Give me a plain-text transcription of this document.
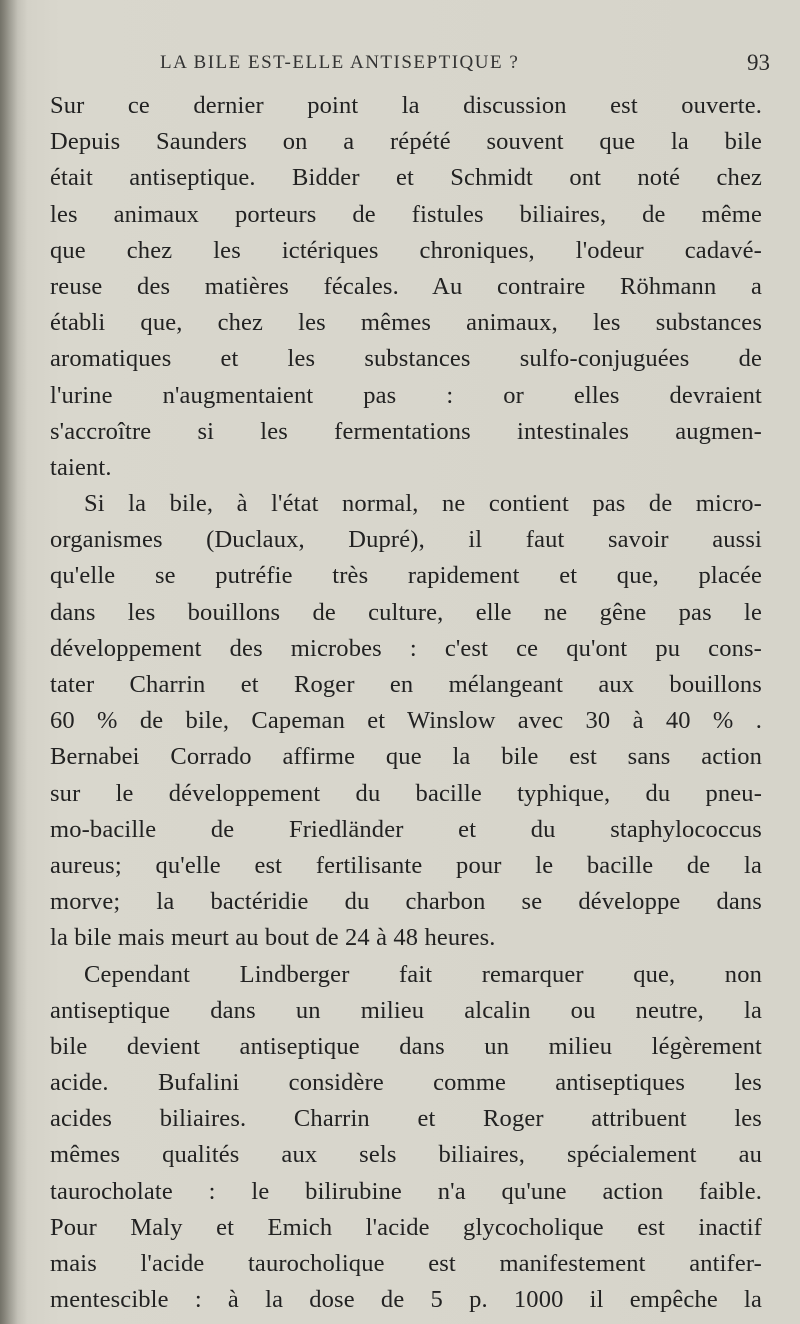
LA BILE EST-ELLE ANTISEPTIQUE ?	93
Sur ce dernier point la discussion est ouverte.
Depuis Saunders on a répété souvent que la bile
était antiseptique. Bidder et Schmidt ont noté chez
les animaux porteurs de fistules biliaires, de même
que chez les ictériques chroniques, l'odeur cadavé-
reuse des matières fécales. Au contraire Röhmann a
établi que, chez les mêmes animaux, les substances
aromatiques et les substances sulfo-conjuguées de
l'urine n'augmentaient pas : or elles devraient
s'accroître si les fermentations intestinales augmen-
taient.
Si la bile, à l'état normal, ne contient pas de micro-
organismes (Duclaux, Dupré), il faut savoir aussi
qu'elle se putréfie très rapidement et que, placée
dans les bouillons de culture, elle ne gêne pas le
développement des microbes : c'est ce qu'ont pu cons-
tater Charrin et Roger en mélangeant aux bouillons
60 % de bile, Capeman et Winslow avec 30 à 40 % .
Bernabei Corrado affirme que la bile est sans action
sur le développement du bacille typhique, du pneu-
mo-bacille de Friedländer et du staphylococcus
aureus; qu'elle est fertilisante pour le bacille de la
morve; la bactéridie du charbon se développe dans
la bile mais meurt au bout de 24 à 48 heures.
Cependant Lindberger fait remarquer que, non
antiseptique dans un milieu alcalin ou neutre, la
bile devient antiseptique dans un milieu légèrement
acide. Bufalini considère comme antiseptiques les
acides biliaires. Charrin et Roger attribuent les
mêmes qualités aux sels biliaires, spécialement au
taurocholate : le bilirubine n'a qu'une action faible.
Pour Maly et Emich l'acide glycocholique est inactif
mais l'acide taurocholique est manifestement antifer-
mentescible : à la dose de 5 p. 1000 il empêche la
